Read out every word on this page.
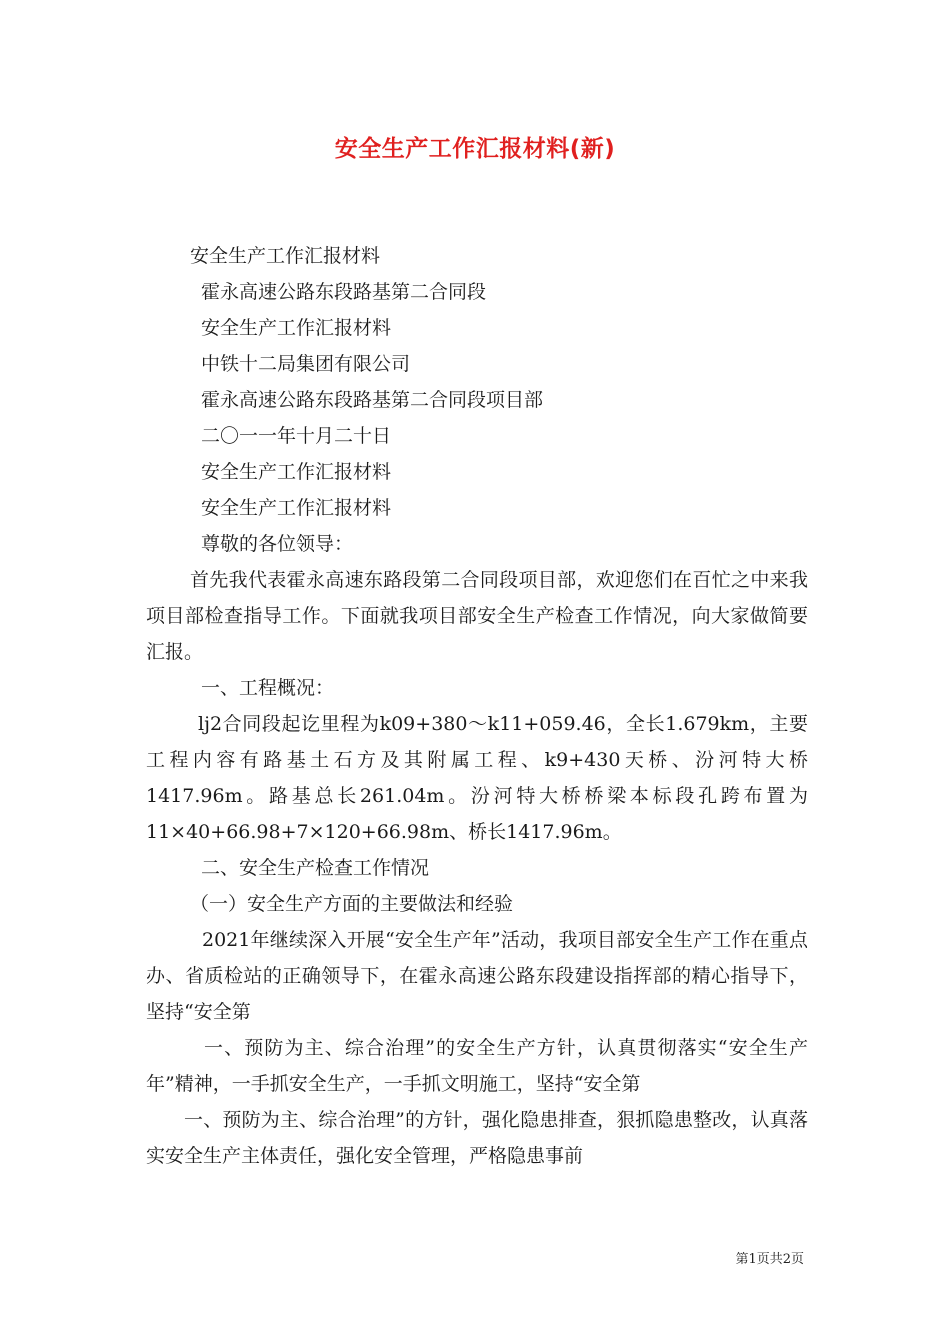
安全生产工作汇报材料(新)
安全生产工作汇报材料
霍永高速公路东段路基第二合同段
安全生产工作汇报材料
中铁十二局集团有限公司
霍永高速公路东段路基第二合同段项目部
二〇一一年十月二十日
安全生产工作汇报材料
安全生产工作汇报材料
尊敬的各位领导：
首先我代表霍永高速东路段第二合同段项目部，欢迎您们在百忙之中来我项目部检查指导工作。下面就我项目部安全生产检查工作情况，向大家做简要汇报。
一、工程概况：
lj2合同段起讫里程为k09+380～k11+059.46，全长1.679km，主要工程内容有路基土石方及其附属工程、k9+430天桥、汾河特大桥1417.96m。路基总长261.04m。汾河特大桥桥梁本标段孔跨布置为11×40+66.98+7×120+66.98m、桥长1417.96m。
二、安全生产检查工作情况
（一）安全生产方面的主要做法和经验
2021年继续深入开展“安全生产年”活动，我项目部安全生产工作在重点办、省质检站的正确领导下，在霍永高速公路东段建设指挥部的精心指导下，坚持“安全第
一、预防为主、综合治理”的安全生产方针，认真贯彻落实“安全生产年”精神，一手抓安全生产，一手抓文明施工，坚持“安全第
一、预防为主、综合治理”的方针，强化隐患排查，狠抓隐患整改，认真落实安全生产主体责任，强化安全管理，严格隐患事前
第1页共2页
